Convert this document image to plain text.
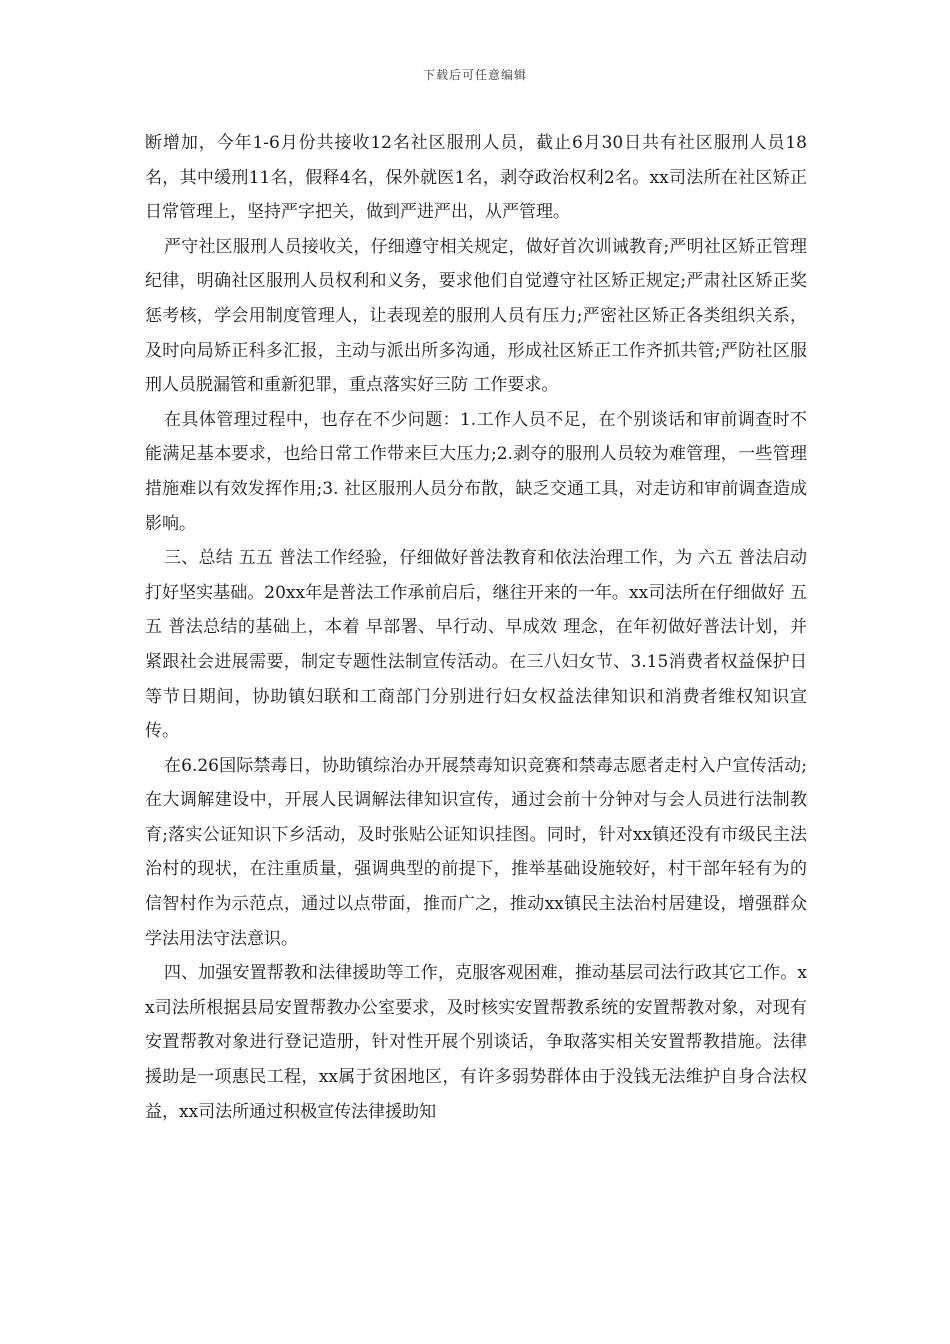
下载后可任意编辑

断增加，今年1-6月份共接收12名社区服刑人员，截止6月30日共有社区服刑人员18名，其中缓刑11名，假释4名，保外就医1名，剥夺政治权利2名。xx司法所在社区矫正日常管理上，坚持严字把关，做到严进严出，从严管理。

严守社区服刑人员接收关，仔细遵守相关规定，做好首次训诫教育;严明社区矫正管理纪律，明确社区服刑人员权利和义务，要求他们自觉遵守社区矫正规定;严肃社区矫正奖惩考核，学会用制度管理人，让表现差的服刑人员有压力;严密社区矫正各类组织关系，及时向局矫正科多汇报，主动与派出所多沟通，形成社区矫正工作齐抓共管;严防社区服刑人员脱漏管和重新犯罪，重点落实好三防 工作要求。

在具体管理过程中，也存在不少问题：1.工作人员不足，在个别谈话和审前调查时不能满足基本要求，也给日常工作带来巨大压力;2.剥夺的服刑人员较为难管理，一些管理措施难以有效发挥作用;3. 社区服刑人员分布散，缺乏交通工具，对走访和审前调查造成影响。

三、总结 五五 普法工作经验，仔细做好普法教育和依法治理工作，为 六五 普法启动打好坚实基础。20xx年是普法工作承前启后，继往开来的一年。xx司法所在仔细做好 五五 普法总结的基础上，本着 早部署、早行动、早成效 理念，在年初做好普法计划，并紧跟社会进展需要，制定专题性法制宣传活动。在三八妇女节、3.15消费者权益保护日等节日期间，协助镇妇联和工商部门分别进行妇女权益法律知识和消费者维权知识宣传。

在6.26国际禁毒日，协助镇综治办开展禁毒知识竞赛和禁毒志愿者走村入户宣传活动;在大调解建设中，开展人民调解法律知识宣传，通过会前十分钟对与会人员进行法制教育;落实公证知识下乡活动，及时张贴公证知识挂图。同时，针对xx镇还没有市级民主法治村的现状，在注重质量，强调典型的前提下，推举基础设施较好，村干部年轻有为的信智村作为示范点，通过以点带面，推而广之，推动xx镇民主法治村居建设，增强群众学法用法守法意识。

四、加强安置帮教和法律援助等工作，克服客观困难，推动基层司法行政其它工作。xx司法所根据县局安置帮教办公室要求，及时核实安置帮教系统的安置帮教对象，对现有安置帮教对象进行登记造册，针对性开展个别谈话，争取落实相关安置帮教措施。法律援助是一项惠民工程，xx属于贫困地区，有许多弱势群体由于没钱无法维护自身合法权益，xx司法所通过积极宣传法律援助知
